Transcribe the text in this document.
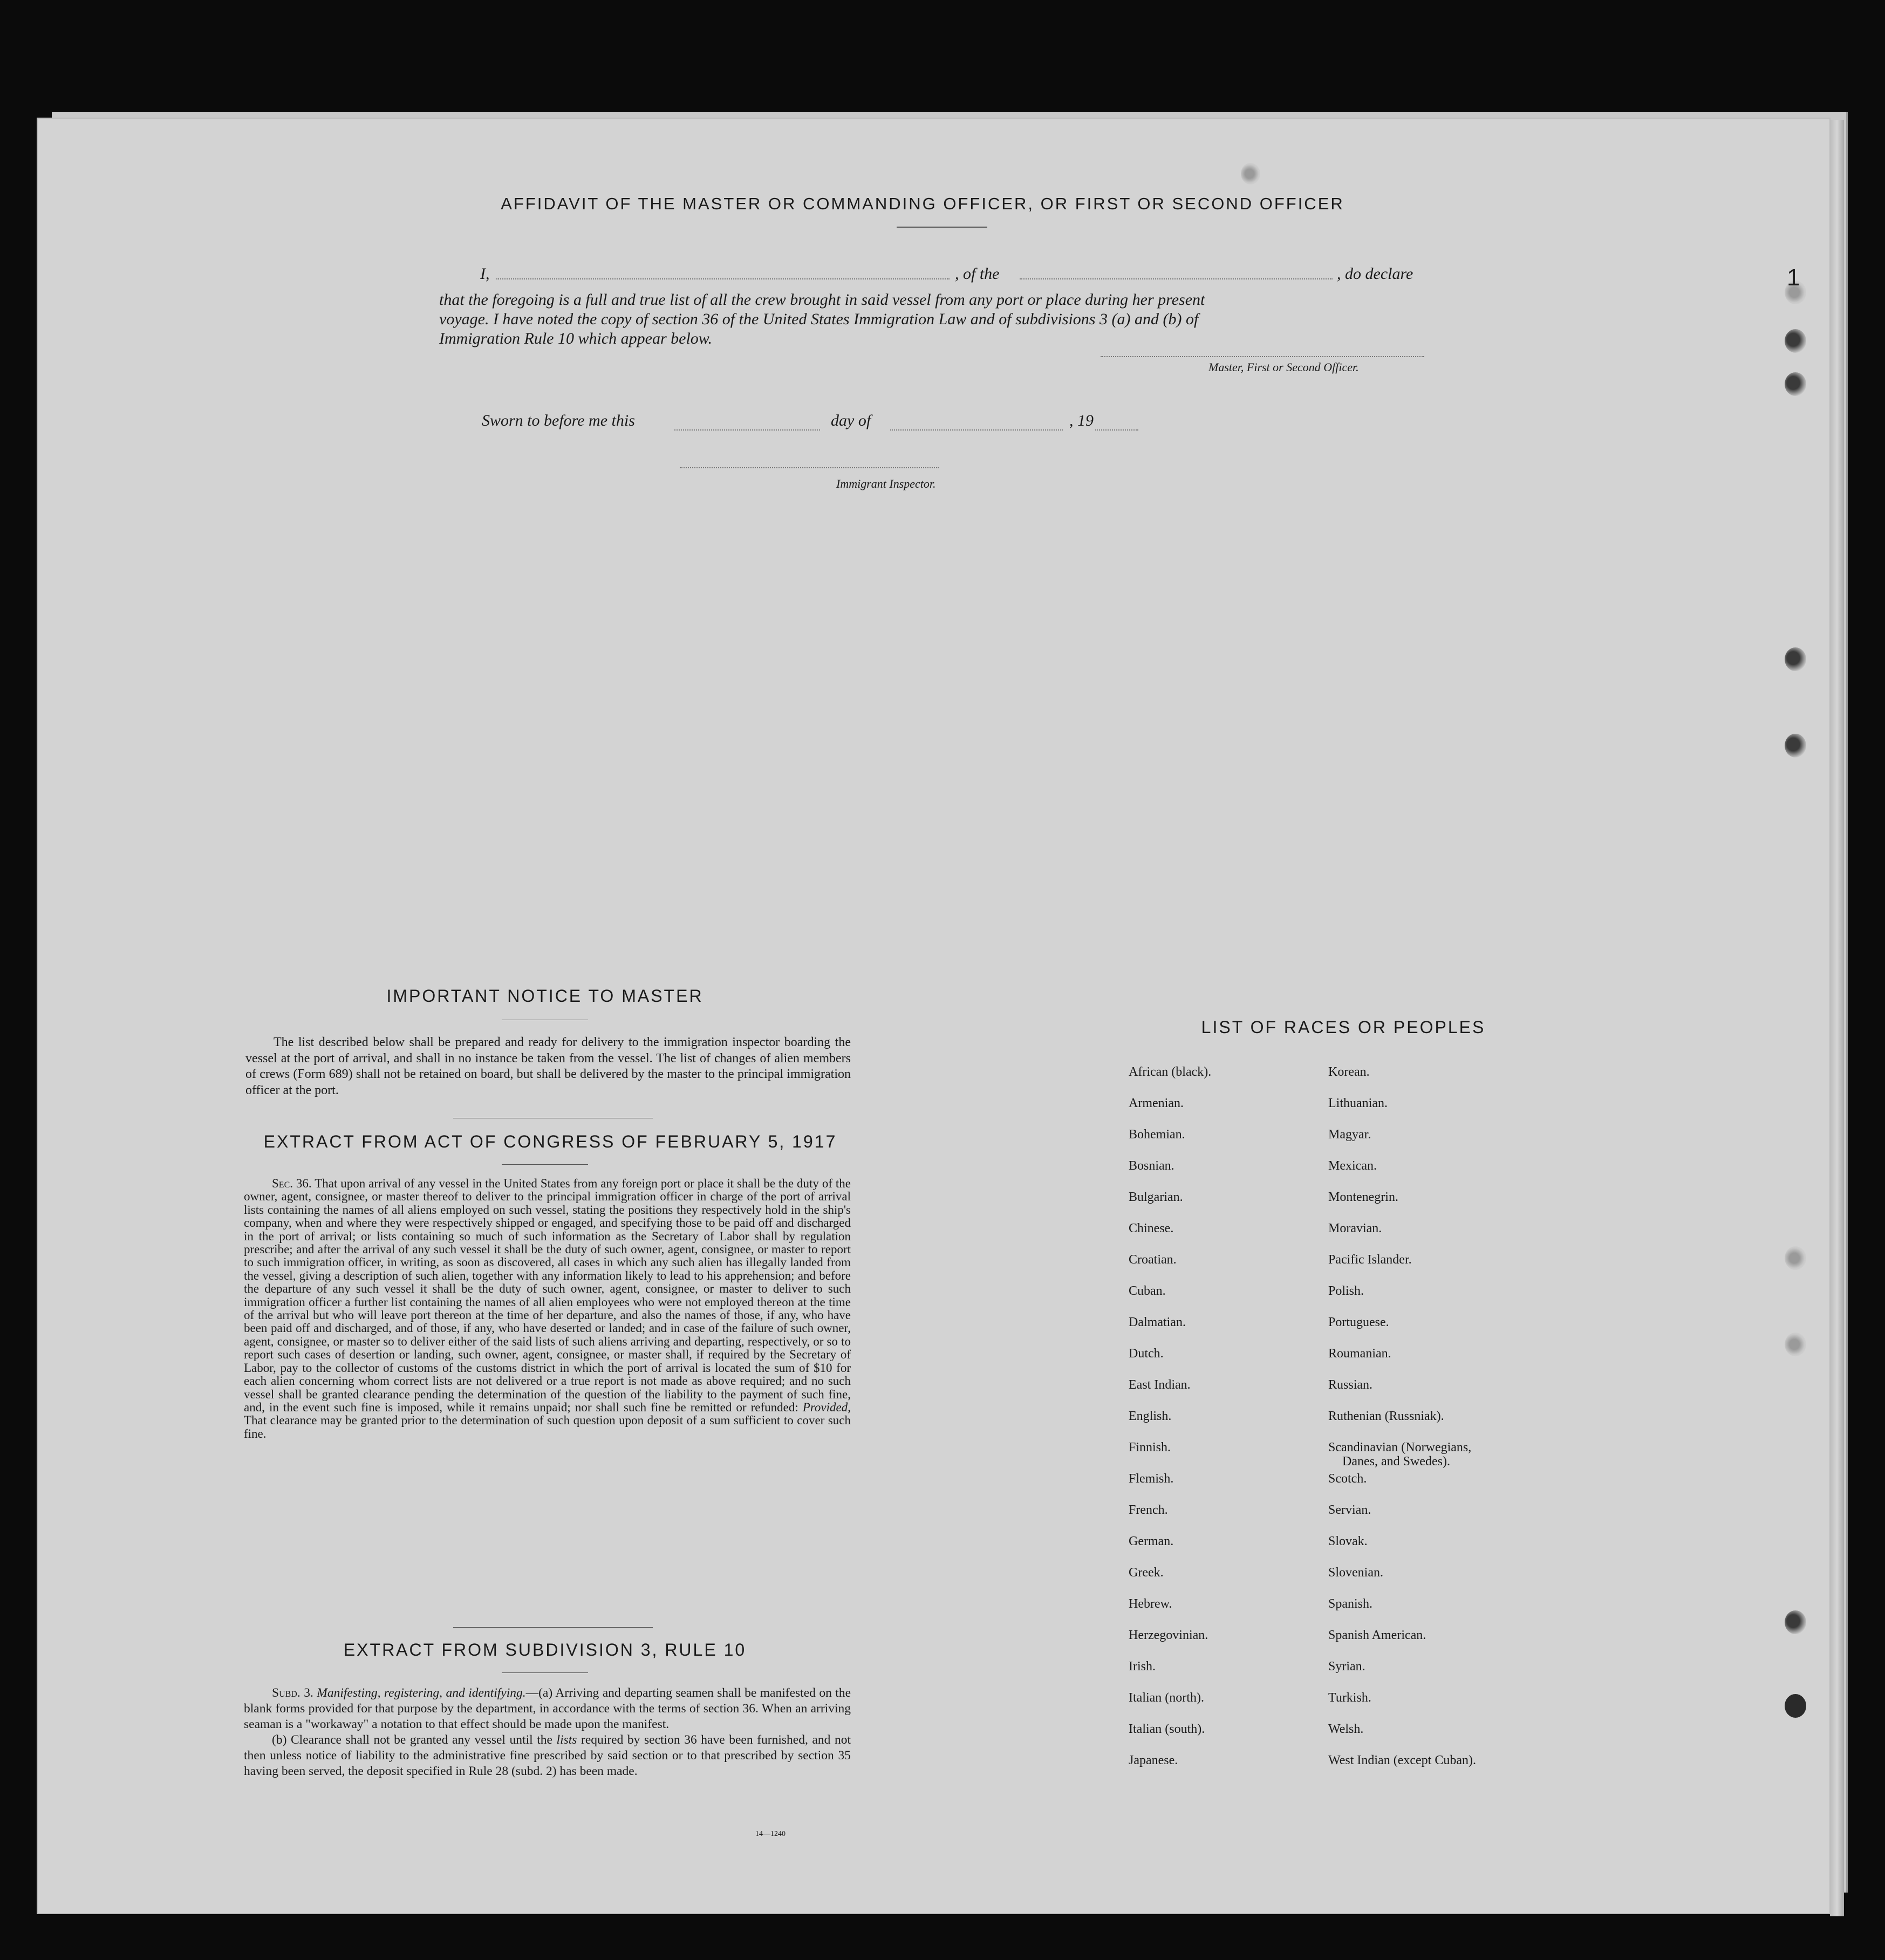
1
AFFIDAVIT OF THE MASTER OR COMMANDING OFFICER, OR FIRST OR SECOND OFFICER
I,	, of the	, do declare
that the foregoing is a full and true list of all the crew brought in said vessel from any port or place during her present
voyage. I have noted the copy of section 36 of the United States Immigration Law and of subdivisions 3 (a) and (b) of
Immigration Rule 10 which appear below.
Master, First or Second Officer.
Sworn to before me this	day of	, 19
Immigrant Inspector.
IMPORTANT NOTICE TO MASTER

The list described below shall be prepared and ready for delivery to the immigration inspector boarding the vessel at the port of arrival, and shall in no instance be taken from the vessel. The list of changes of alien members of crews (Form 689) shall not be retained on board, but shall be delivered by the master to the principal immigration officer at the port.

EXTRACT FROM ACT OF CONGRESS OF FEBRUARY 5, 1917

Sec. 36. That upon arrival of any vessel in the United States from any foreign port or place it shall be the duty of the owner, agent, consignee, or master thereof to deliver to the principal immigration officer in charge of the port of arrival lists containing the names of all aliens employed on such vessel, stating the positions they respectively hold in the ship's company, when and where they were respectively shipped or engaged, and specifying those to be paid off and discharged in the port of arrival; or lists containing so much of such information as the Secretary of Labor shall by regulation prescribe; and after the arrival of any such vessel it shall be the duty of such owner, agent, consignee, or master to report to such immigration officer, in writing, as soon as discovered, all cases in which any such alien has illegally landed from the vessel, giving a description of such alien, together with any information likely to lead to his apprehension; and before the departure of any such vessel it shall be the duty of such owner, agent, consignee, or master to deliver to such immigration officer a further list containing the names of all alien employees who were not employed thereon at the time of the arrival but who will leave port thereon at the time of her departure, and also the names of those, if any, who have been paid off and discharged, and of those, if any, who have deserted or landed; and in case of the failure of such owner, agent, consignee, or master so to deliver either of the said lists of such aliens arriving and departing, respectively, or so to report such cases of desertion or landing, such owner, agent, consignee, or master shall, if required by the Secretary of Labor, pay to the collector of customs of the customs district in which the port of arrival is located the sum of $10 for each alien concerning whom correct lists are not delivered or a true report is not made as above required; and no such vessel shall be granted clearance pending the determination of the question of the liability to the payment of such fine, and, in the event such fine is imposed, while it remains unpaid; nor shall such fine be remitted or refunded: Provided, That clearance may be granted prior to the determination of such question upon deposit of a sum sufficient to cover such fine.

EXTRACT FROM SUBDIVISION 3, RULE 10

Subd. 3. Manifesting, registering, and identifying.—(a) Arriving and departing seamen shall be manifested on the blank forms provided for that purpose by the department, in accordance with the terms of section 36. When an arriving seaman is a "workaway" a notation to that effect should be made upon the manifest.

(b) Clearance shall not be granted any vessel until the lists required by section 36 have been furnished, and not then unless notice of liability to the administrative fine prescribed by said section or to that prescribed by section 35 having been served, the deposit specified in Rule 28 (subd. 2) has been made.

14—1240
LIST OF RACES OR PEOPLES
African (black).
Armenian.
Bohemian.
Bosnian.
Bulgarian.
Chinese.
Croatian.
Cuban.
Dalmatian.
Dutch.
East Indian.
English.
Finnish.
Flemish.
French.
German.
Greek.
Hebrew.
Herzegovinian.
Irish.
Italian (north).
Italian (south).
Japanese.
Korean.
Lithuanian.
Magyar.
Mexican.
Montenegrin.
Moravian.
Pacific Islander.
Polish.
Portuguese.
Roumanian.
Russian.
Ruthenian (Russniak).
Scandinavian (Norwegians,
Danes, and Swedes).
Scotch.
Servian.
Slovak.
Slovenian.
Spanish.
Spanish American.
Syrian.
Turkish.
Welsh.
West Indian (except Cuban).
